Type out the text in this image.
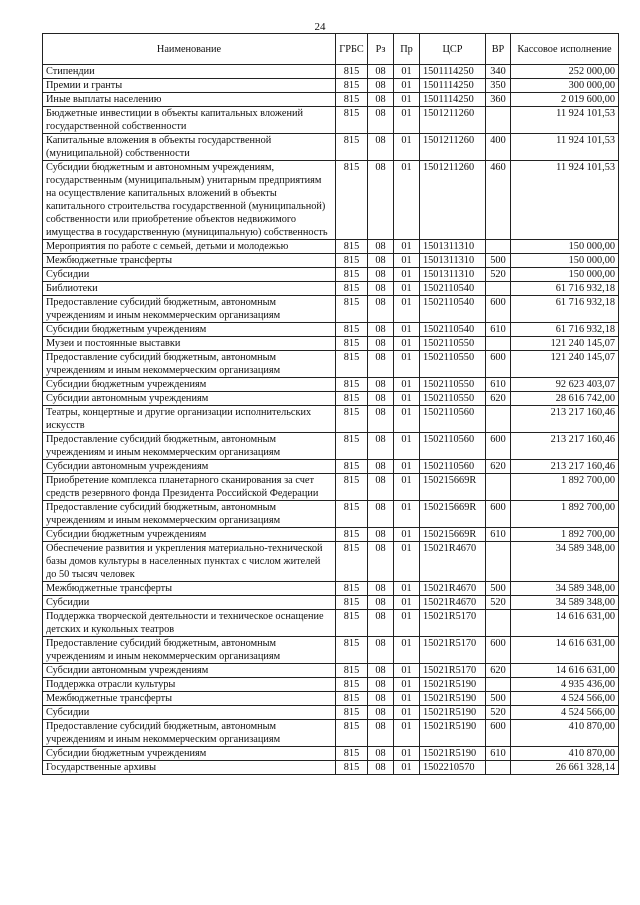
24
Наименование	ГРБС	Рз	Пр	ЦСР	ВР	Кассовое исполнение
Стипендии	815	08	01	1501114250	340	252 000,00
Премии и гранты	815	08	01	1501114250	350	300 000,00
Иные выплаты населению	815	08	01	1501114250	360	2 019 600,00
Бюджетные инвестиции в объекты капитальных вложений государственной собственности	815	08	01	1501211260		11 924 101,53
Капитальные вложения в объекты государственной (муниципальной) собственности	815	08	01	1501211260	400	11 924 101,53
Субсидии бюджетным и автономным учреждениям, государственным (муниципальным) унитарным предприятиям на осуществление капитальных вложений в объекты капитального строительства государственной (муниципальной) собственности или приобретение объектов недвижимого имущества в государственную (муниципальную) собственность	815	08	01	1501211260	460	11 924 101,53
Мероприятия по работе с семьей, детьми и молодежью	815	08	01	1501311310		150 000,00
Межбюджетные трансферты	815	08	01	1501311310	500	150 000,00
Субсидии	815	08	01	1501311310	520	150 000,00
Библиотеки	815	08	01	1502110540		61 716 932,18
Предоставление субсидий бюджетным, автономным учреждениям и иным некоммерческим организациям	815	08	01	1502110540	600	61 716 932,18
Субсидии бюджетным учреждениям	815	08	01	1502110540	610	61 716 932,18
Музеи и постоянные выставки	815	08	01	1502110550		121 240 145,07
Предоставление субсидий бюджетным, автономным учреждениям и иным некоммерческим организациям	815	08	01	1502110550	600	121 240 145,07
Субсидии бюджетным учреждениям	815	08	01	1502110550	610	92 623 403,07
Субсидии автономным учреждениям	815	08	01	1502110550	620	28 616 742,00
Театры, концертные и другие организации исполнительских искусств	815	08	01	1502110560		213 217 160,46
Предоставление субсидий бюджетным, автономным учреждениям и иным некоммерческим организациям	815	08	01	1502110560	600	213 217 160,46
Субсидии автономным учреждениям	815	08	01	1502110560	620	213 217 160,46
Приобретение комплекса планетарного сканирования за счет средств резервного фонда Президента Российской Федерации	815	08	01	150215669R		1 892 700,00
Предоставление субсидий бюджетным, автономным учреждениям и иным некоммерческим организациям	815	08	01	150215669R	600	1 892 700,00
Субсидии бюджетным учреждениям	815	08	01	150215669R	610	1 892 700,00
Обеспечение развития и укрепления материально-технической базы домов культуры в населенных пунктах с числом жителей до 50 тысяч человек	815	08	01	15021R4670		34 589 348,00
Межбюджетные трансферты	815	08	01	15021R4670	500	34 589 348,00
Субсидии	815	08	01	15021R4670	520	34 589 348,00
Поддержка творческой деятельности и техническое оснащение детских и кукольных театров	815	08	01	15021R5170		14 616 631,00
Предоставление субсидий бюджетным, автономным учреждениям и иным некоммерческим организациям	815	08	01	15021R5170	600	14 616 631,00
Субсидии автономным учреждениям	815	08	01	15021R5170	620	14 616 631,00
Поддержка отрасли культуры	815	08	01	15021R5190		4 935 436,00
Межбюджетные трансферты	815	08	01	15021R5190	500	4 524 566,00
Субсидии	815	08	01	15021R5190	520	4 524 566,00
Предоставление субсидий бюджетным, автономным учреждениям и иным некоммерческим организациям	815	08	01	15021R5190	600	410 870,00
Субсидии бюджетным учреждениям	815	08	01	15021R5190	610	410 870,00
Государственные архивы	815	08	01	1502210570		26 661 328,14
